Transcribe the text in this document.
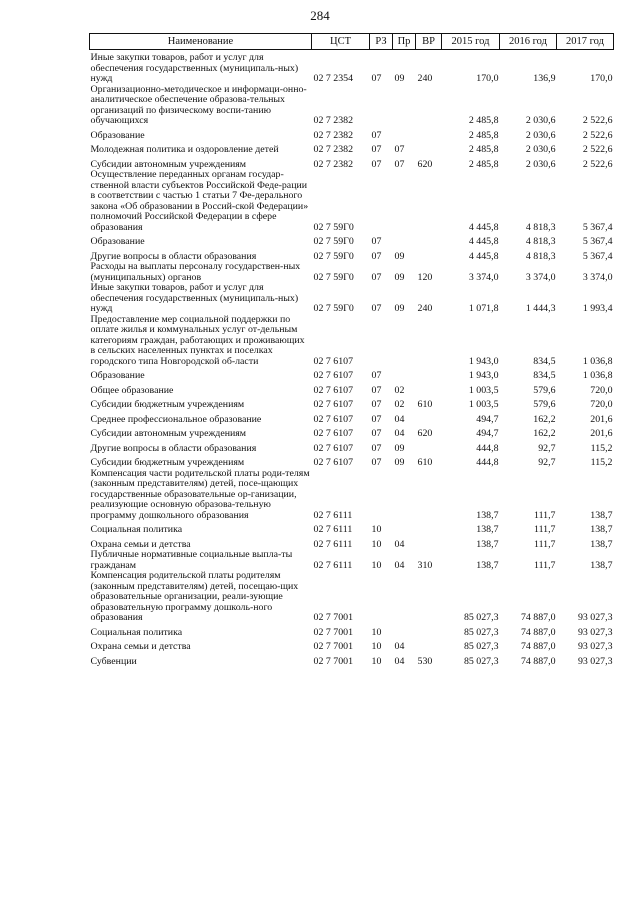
284
Наименование	ЦСТ	РЗ	Пр	ВР	2015 год	2016 год	2017 год
Иные закупки товаров, работ и услуг для обеспечения государственных (муниципаль-ных) нужд	02 7 2354	07	09	240	170,0	136,9	170,0
Организационно-методическое и информаци-онно-аналитическое обеспечение образова-тельных организаций по физическому воспи-танию обучающихся	02 7 2382				2 485,8	2 030,6	2 522,6
Образование	02 7 2382	07			2 485,8	2 030,6	2 522,6
Молодежная политика и оздоровление детей	02 7 2382	07	07		2 485,8	2 030,6	2 522,6
Субсидии автономным учреждениям	02 7 2382	07	07	620	2 485,8	2 030,6	2 522,6
Осуществление переданных органам государ-ственной власти субъектов Российской Феде-рации в соответствии с частью 1 статьи 7 Фе-дерального закона «Об образовании в Россий-ской Федерации» полномочий Российской Федерации в сфере образования	02 7 59Г0				4 445,8	4 818,3	5 367,4
Образование	02 7 59Г0	07			4 445,8	4 818,3	5 367,4
Другие вопросы в области образования	02 7 59Г0	07	09		4 445,8	4 818,3	5 367,4
Расходы на выплаты персоналу государствен-ных (муниципальных) органов	02 7 59Г0	07	09	120	3 374,0	3 374,0	3 374,0
Иные закупки товаров, работ и услуг для обеспечения государственных (муниципаль-ных) нужд	02 7 59Г0	07	09	240	1 071,8	1 444,3	1 993,4
Предоставление мер социальной поддержки по оплате жилья и коммунальных услуг от-дельным категориям граждан, работающих и проживающих в сельских населенных пунктах и поселках городского типа Новгородской об-ласти	02 7 6107				1 943,0	834,5	1 036,8
Образование	02 7 6107	07			1 943,0	834,5	1 036,8
Общее образование	02 7 6107	07	02		1 003,5	579,6	720,0
Субсидии бюджетным учреждениям	02 7 6107	07	02	610	1 003,5	579,6	720,0
Среднее профессиональное образование	02 7 6107	07	04		494,7	162,2	201,6
Субсидии автономным учреждениям	02 7 6107	07	04	620	494,7	162,2	201,6
Другие вопросы в области образования	02 7 6107	07	09		444,8	92,7	115,2
Субсидии бюджетным учреждениям	02 7 6107	07	09	610	444,8	92,7	115,2
Компенсация части родительской платы роди-телям (законным представителям) детей, посе-щающих государственные образовательные ор-ганизации, реализующие основную образова-тельную программу дошкольного образования	02 7 6111				138,7	111,7	138,7
Социальная политика	02 7 6111	10			138,7	111,7	138,7
Охрана семьи и детства	02 7 6111	10	04		138,7	111,7	138,7
Публичные нормативные социальные выпла-ты гражданам	02 7 6111	10	04	310	138,7	111,7	138,7
Компенсация родительской платы родителям (законным представителям) детей, посещаю-щих образовательные организации, реали-зующие образовательную программу дошколь-ного образования	02 7 7001				85 027,3	74 887,0	93 027,3
Социальная политика	02 7 7001	10			85 027,3	74 887,0	93 027,3
Охрана семьи и детства	02 7 7001	10	04		85 027,3	74 887,0	93 027,3
Субвенции	02 7 7001	10	04	530	85 027,3	74 887,0	93 027,3
